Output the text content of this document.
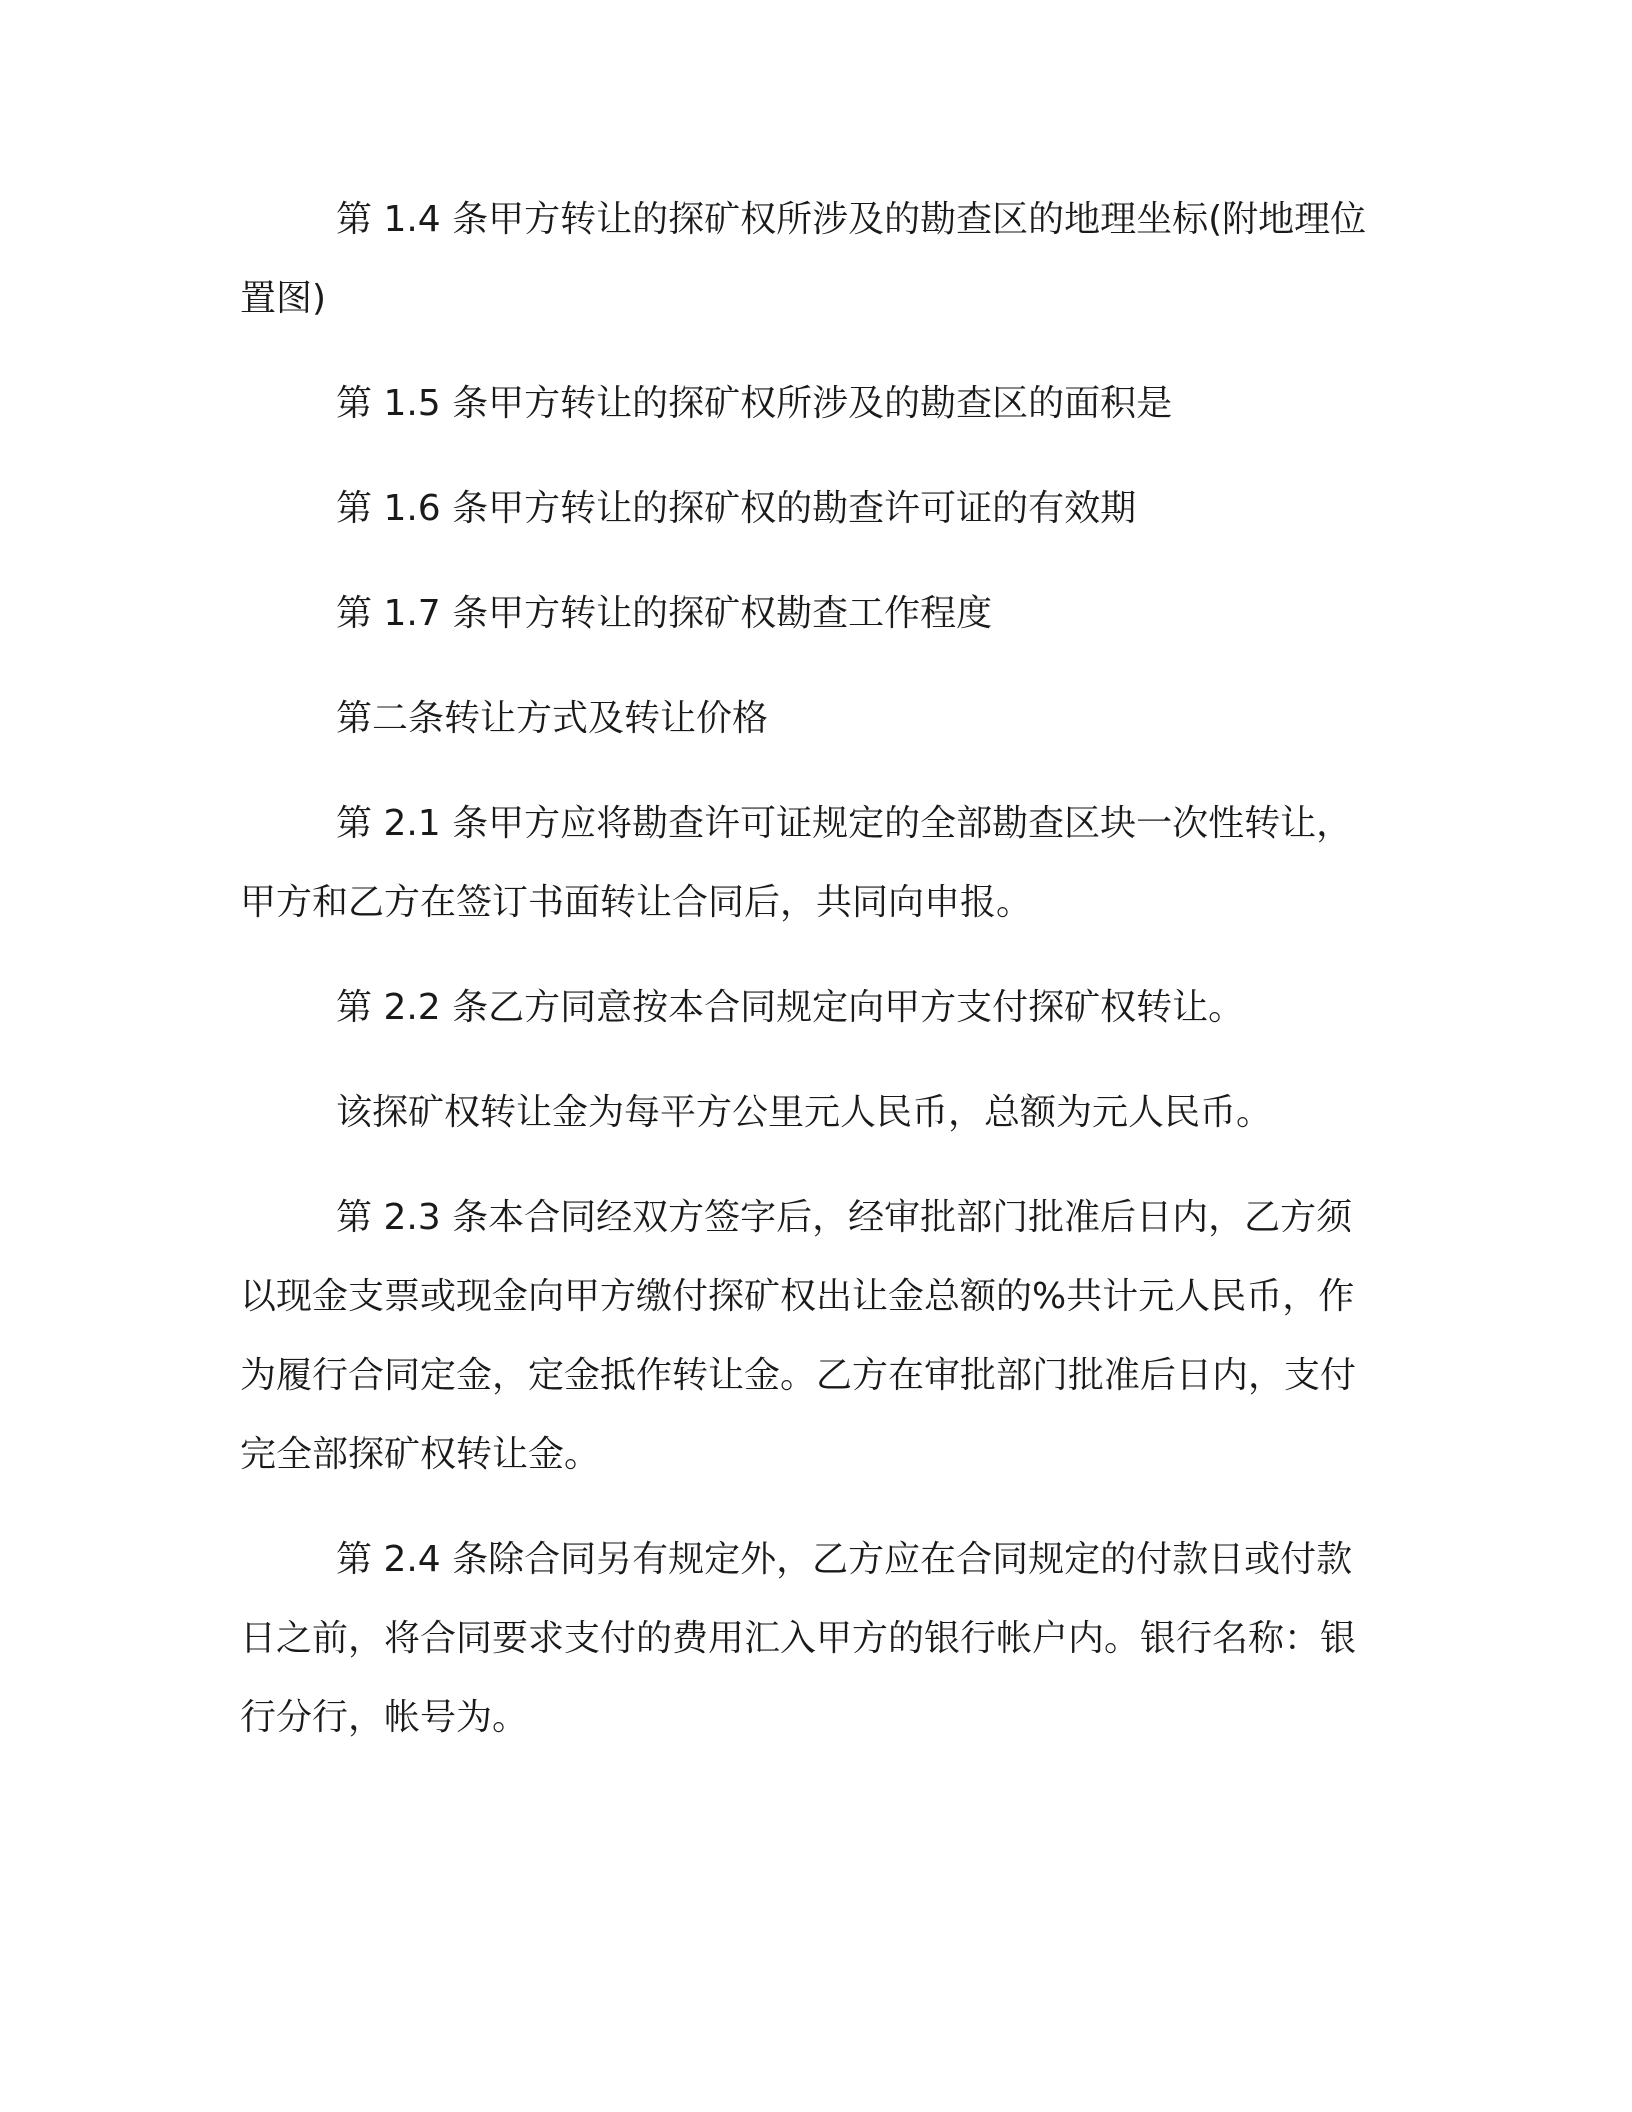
第 1.4 条甲方转让的探矿权所涉及的勘查区的地理坐标(附地理位置图)

第 1.5 条甲方转让的探矿权所涉及的勘查区的面积是

第 1.6 条甲方转让的探矿权的勘查许可证的有效期

第 1.7 条甲方转让的探矿权勘查工作程度

第二条转让方式及转让价格

第 2.1 条甲方应将勘查许可证规定的全部勘查区块一次性转让，甲方和乙方在签订书面转让合同后，共同向申报。

第 2.2 条乙方同意按本合同规定向甲方支付探矿权转让。

该探矿权转让金为每平方公里元人民币，总额为元人民币。

第 2.3 条本合同经双方签字后，经审批部门批准后日内，乙方须以现金支票或现金向甲方缴付探矿权出让金总额的%共计元人民币，作为履行合同定金，定金抵作转让金。乙方在审批部门批准后日内，支付完全部探矿权转让金。

第 2.4 条除合同另有规定外，乙方应在合同规定的付款日或付款日之前，将合同要求支付的费用汇入甲方的银行帐户内。银行名称：银行分行，帐号为。
